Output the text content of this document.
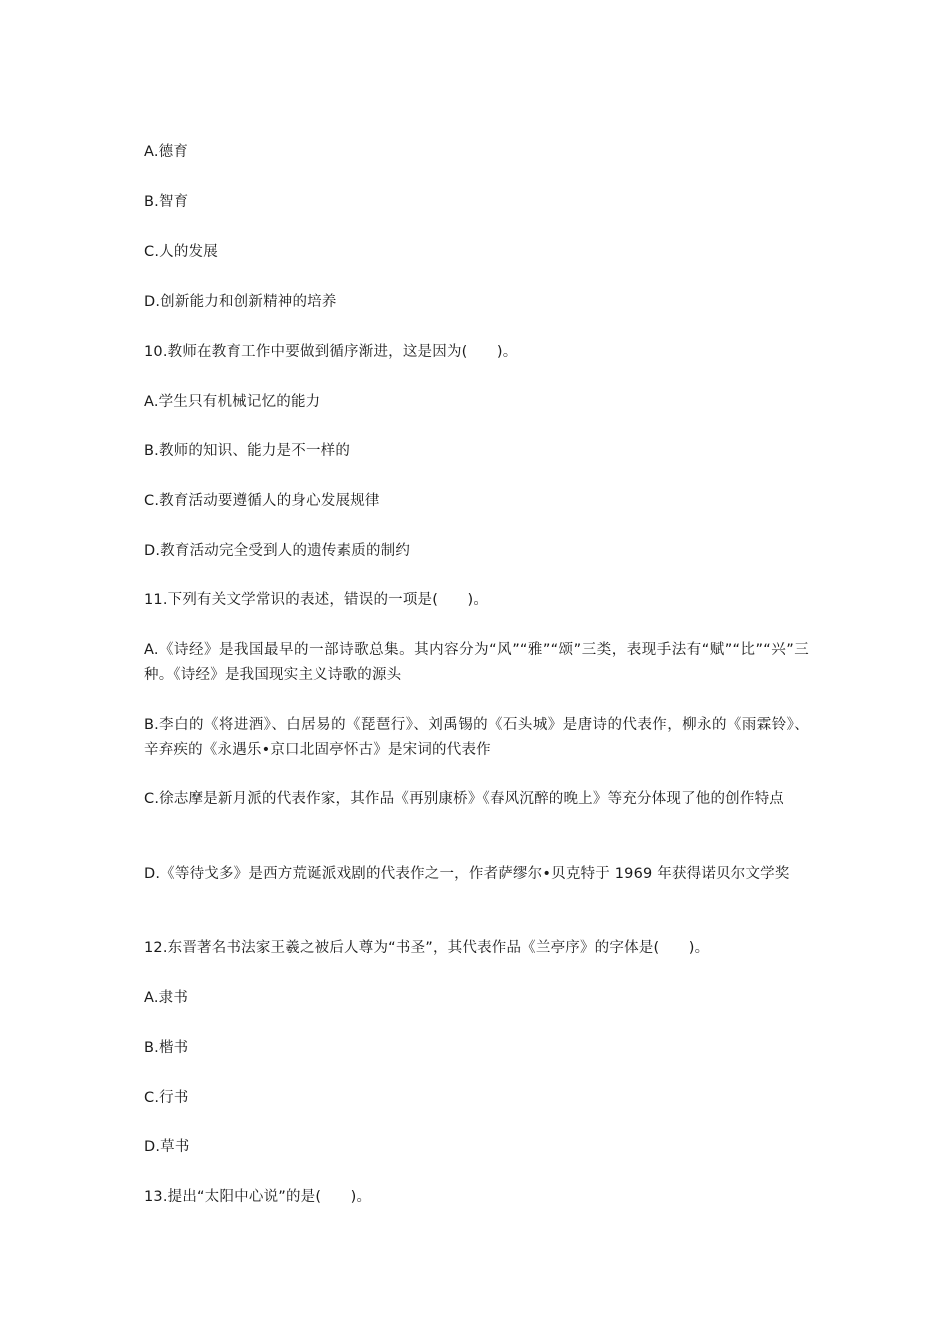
A.德育
B.智育
C.人的发展
D.创新能力和创新精神的培养
10.教师在教育工作中要做到循序渐进，这是因为(　　)。
A.学生只有机械记忆的能力
B.教师的知识、能力是不一样的
C.教育活动要遵循人的身心发展规律
D.教育活动完全受到人的遗传素质的制约
11.下列有关文学常识的表述，错误的一项是(　　)。
A.《诗经》是我国最早的一部诗歌总集。其内容分为“风”“雅”“颂”三类，表现手法有“赋”“比”“兴”三种。《诗经》是我国现实主义诗歌的源头
B.李白的《将进酒》、白居易的《琵琶行》、刘禹锡的《石头城》是唐诗的代表作，柳永的《雨霖铃》、辛弃疾的《永遇乐•京口北固亭怀古》是宋词的代表作
C.徐志摩是新月派的代表作家，其作品《再别康桥》《春风沉醉的晚上》等充分体现了他的创作特点
D.《等待戈多》是西方荒诞派戏剧的代表作之一，作者萨缪尔•贝克特于 1969 年获得诺贝尔文学奖
12.东晋著名书法家王羲之被后人尊为“书圣”，其代表作品《兰亭序》的字体是(　　)。
A.隶书
B.楷书
C.行书
D.草书
13.提出“太阳中心说”的是(　　)。
